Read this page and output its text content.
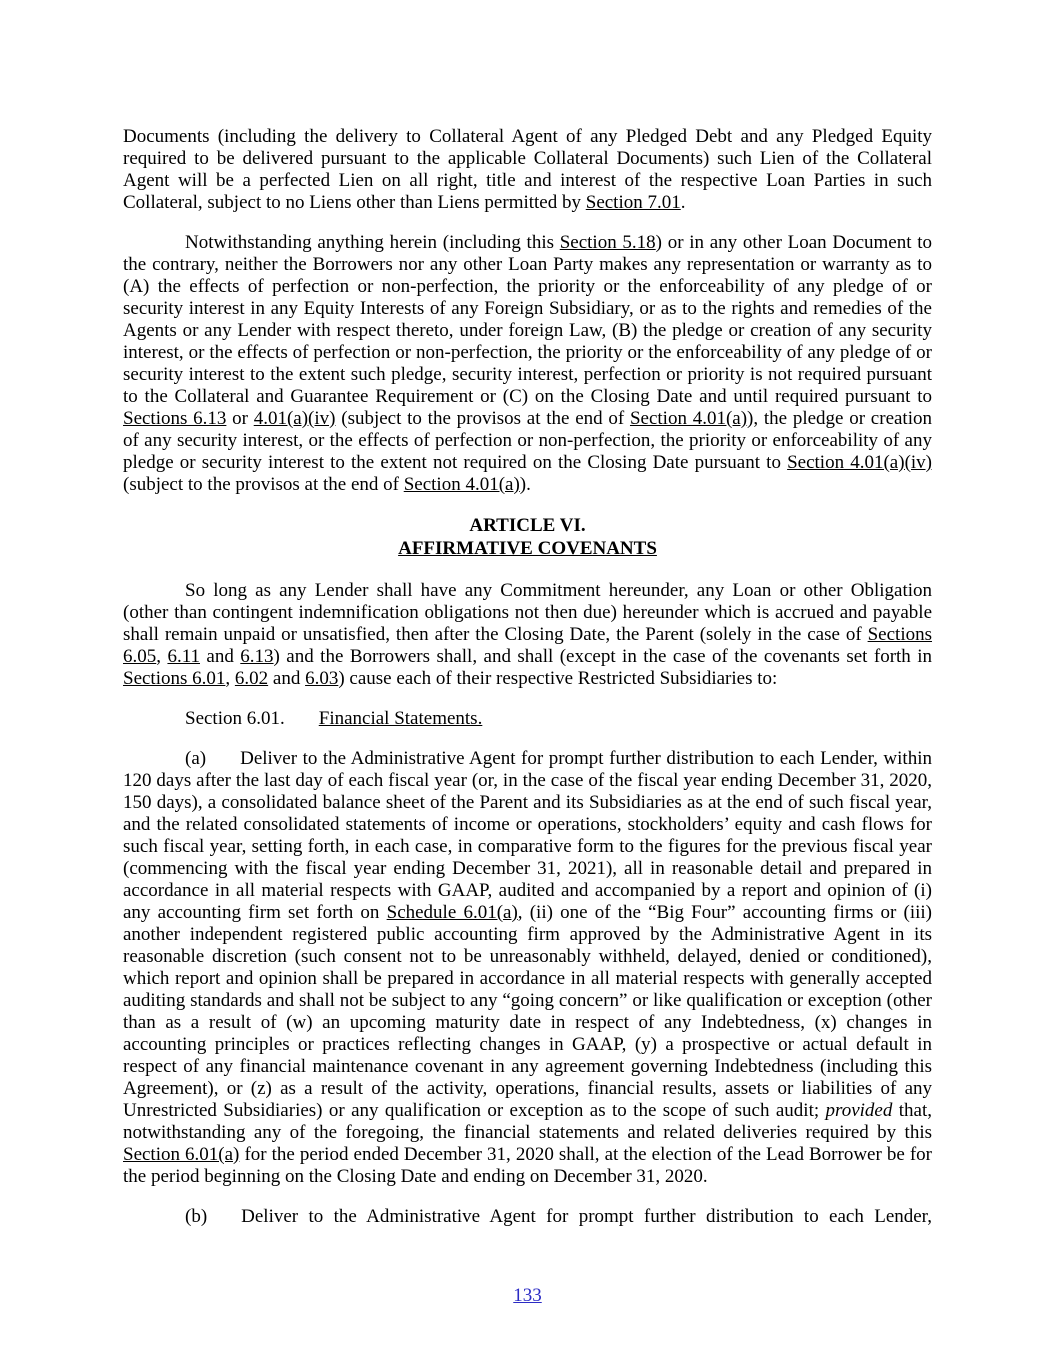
Documents (including the delivery to Collateral Agent of any Pledged Debt and any Pledged Equity required to be delivered pursuant to the applicable Collateral Documents) such Lien of the Collateral Agent will be a perfected Lien on all right, title and interest of the respective Loan Parties in such Collateral, subject to no Liens other than Liens permitted by Section 7.01.

Notwithstanding anything herein (including this Section 5.18) or in any other Loan Document to the contrary, neither the Borrowers nor any other Loan Party makes any representation or warranty as to (A) the effects of perfection or non-perfection, the priority or the enforceability of any pledge of or security interest in any Equity Interests of any Foreign Subsidiary, or as to the rights and remedies of the Agents or any Lender with respect thereto, under foreign Law, (B) the pledge or creation of any security interest, or the effects of perfection or non-perfection, the priority or the enforceability of any pledge of or security interest to the extent such pledge, security interest, perfection or priority is not required pursuant to the Collateral and Guarantee Requirement or (C) on the Closing Date and until required pursuant to Sections 6.13 or 4.01(a)(iv) (subject to the provisos at the end of Section 4.01(a)), the pledge or creation of any security interest, or the effects of perfection or non-perfection, the priority or enforceability of any pledge or security interest to the extent not required on the Closing Date pursuant to Section 4.01(a)(iv) (subject to the provisos at the end of Section 4.01(a)).

ARTICLE VI.
AFFIRMATIVE COVENANTS

So long as any Lender shall have any Commitment hereunder, any Loan or other Obligation (other than contingent indemnification obligations not then due) hereunder which is accrued and payable shall remain unpaid or unsatisfied, then after the Closing Date, the Parent (solely in the case of Sections 6.05, 6.11 and 6.13) and the Borrowers shall, and shall (except in the case of the covenants set forth in Sections 6.01, 6.02 and 6.03) cause each of their respective Restricted Subsidiaries to:

Section 6.01. Financial Statements.

(a) Deliver to the Administrative Agent for prompt further distribution to each Lender, within 120 days after the last day of each fiscal year (or, in the case of the fiscal year ending December 31, 2020, 150 days), a consolidated balance sheet of the Parent and its Subsidiaries as at the end of such fiscal year, and the related consolidated statements of income or operations, stockholders’ equity and cash flows for such fiscal year, setting forth, in each case, in comparative form to the figures for the previous fiscal year (commencing with the fiscal year ending December 31, 2021), all in reasonable detail and prepared in accordance in all material respects with GAAP, audited and accompanied by a report and opinion of (i) any accounting firm set forth on Schedule 6.01(a), (ii) one of the “Big Four” accounting firms or (iii) another independent registered public accounting firm approved by the Administrative Agent in its reasonable discretion (such consent not to be unreasonably withheld, delayed, denied or conditioned), which report and opinion shall be prepared in accordance in all material respects with generally accepted auditing standards and shall not be subject to any “going concern” or like qualification or exception (other than as a result of (w) an upcoming maturity date in respect of any Indebtedness, (x) changes in accounting principles or practices reflecting changes in GAAP, (y) a prospective or actual default in respect of any financial maintenance covenant in any agreement governing Indebtedness (including this Agreement), or (z) as a result of the activity, operations, financial results, assets or liabilities of any Unrestricted Subsidiaries) or any qualification or exception as to the scope of such audit; provided that, notwithstanding any of the foregoing, the financial statements and related deliveries required by this Section 6.01(a) for the period ended December 31, 2020 shall, at the election of the Lead Borrower be for the period beginning on the Closing Date and ending on December 31, 2020.

(b) Deliver to the Administrative Agent for prompt further distribution to each Lender,

133
